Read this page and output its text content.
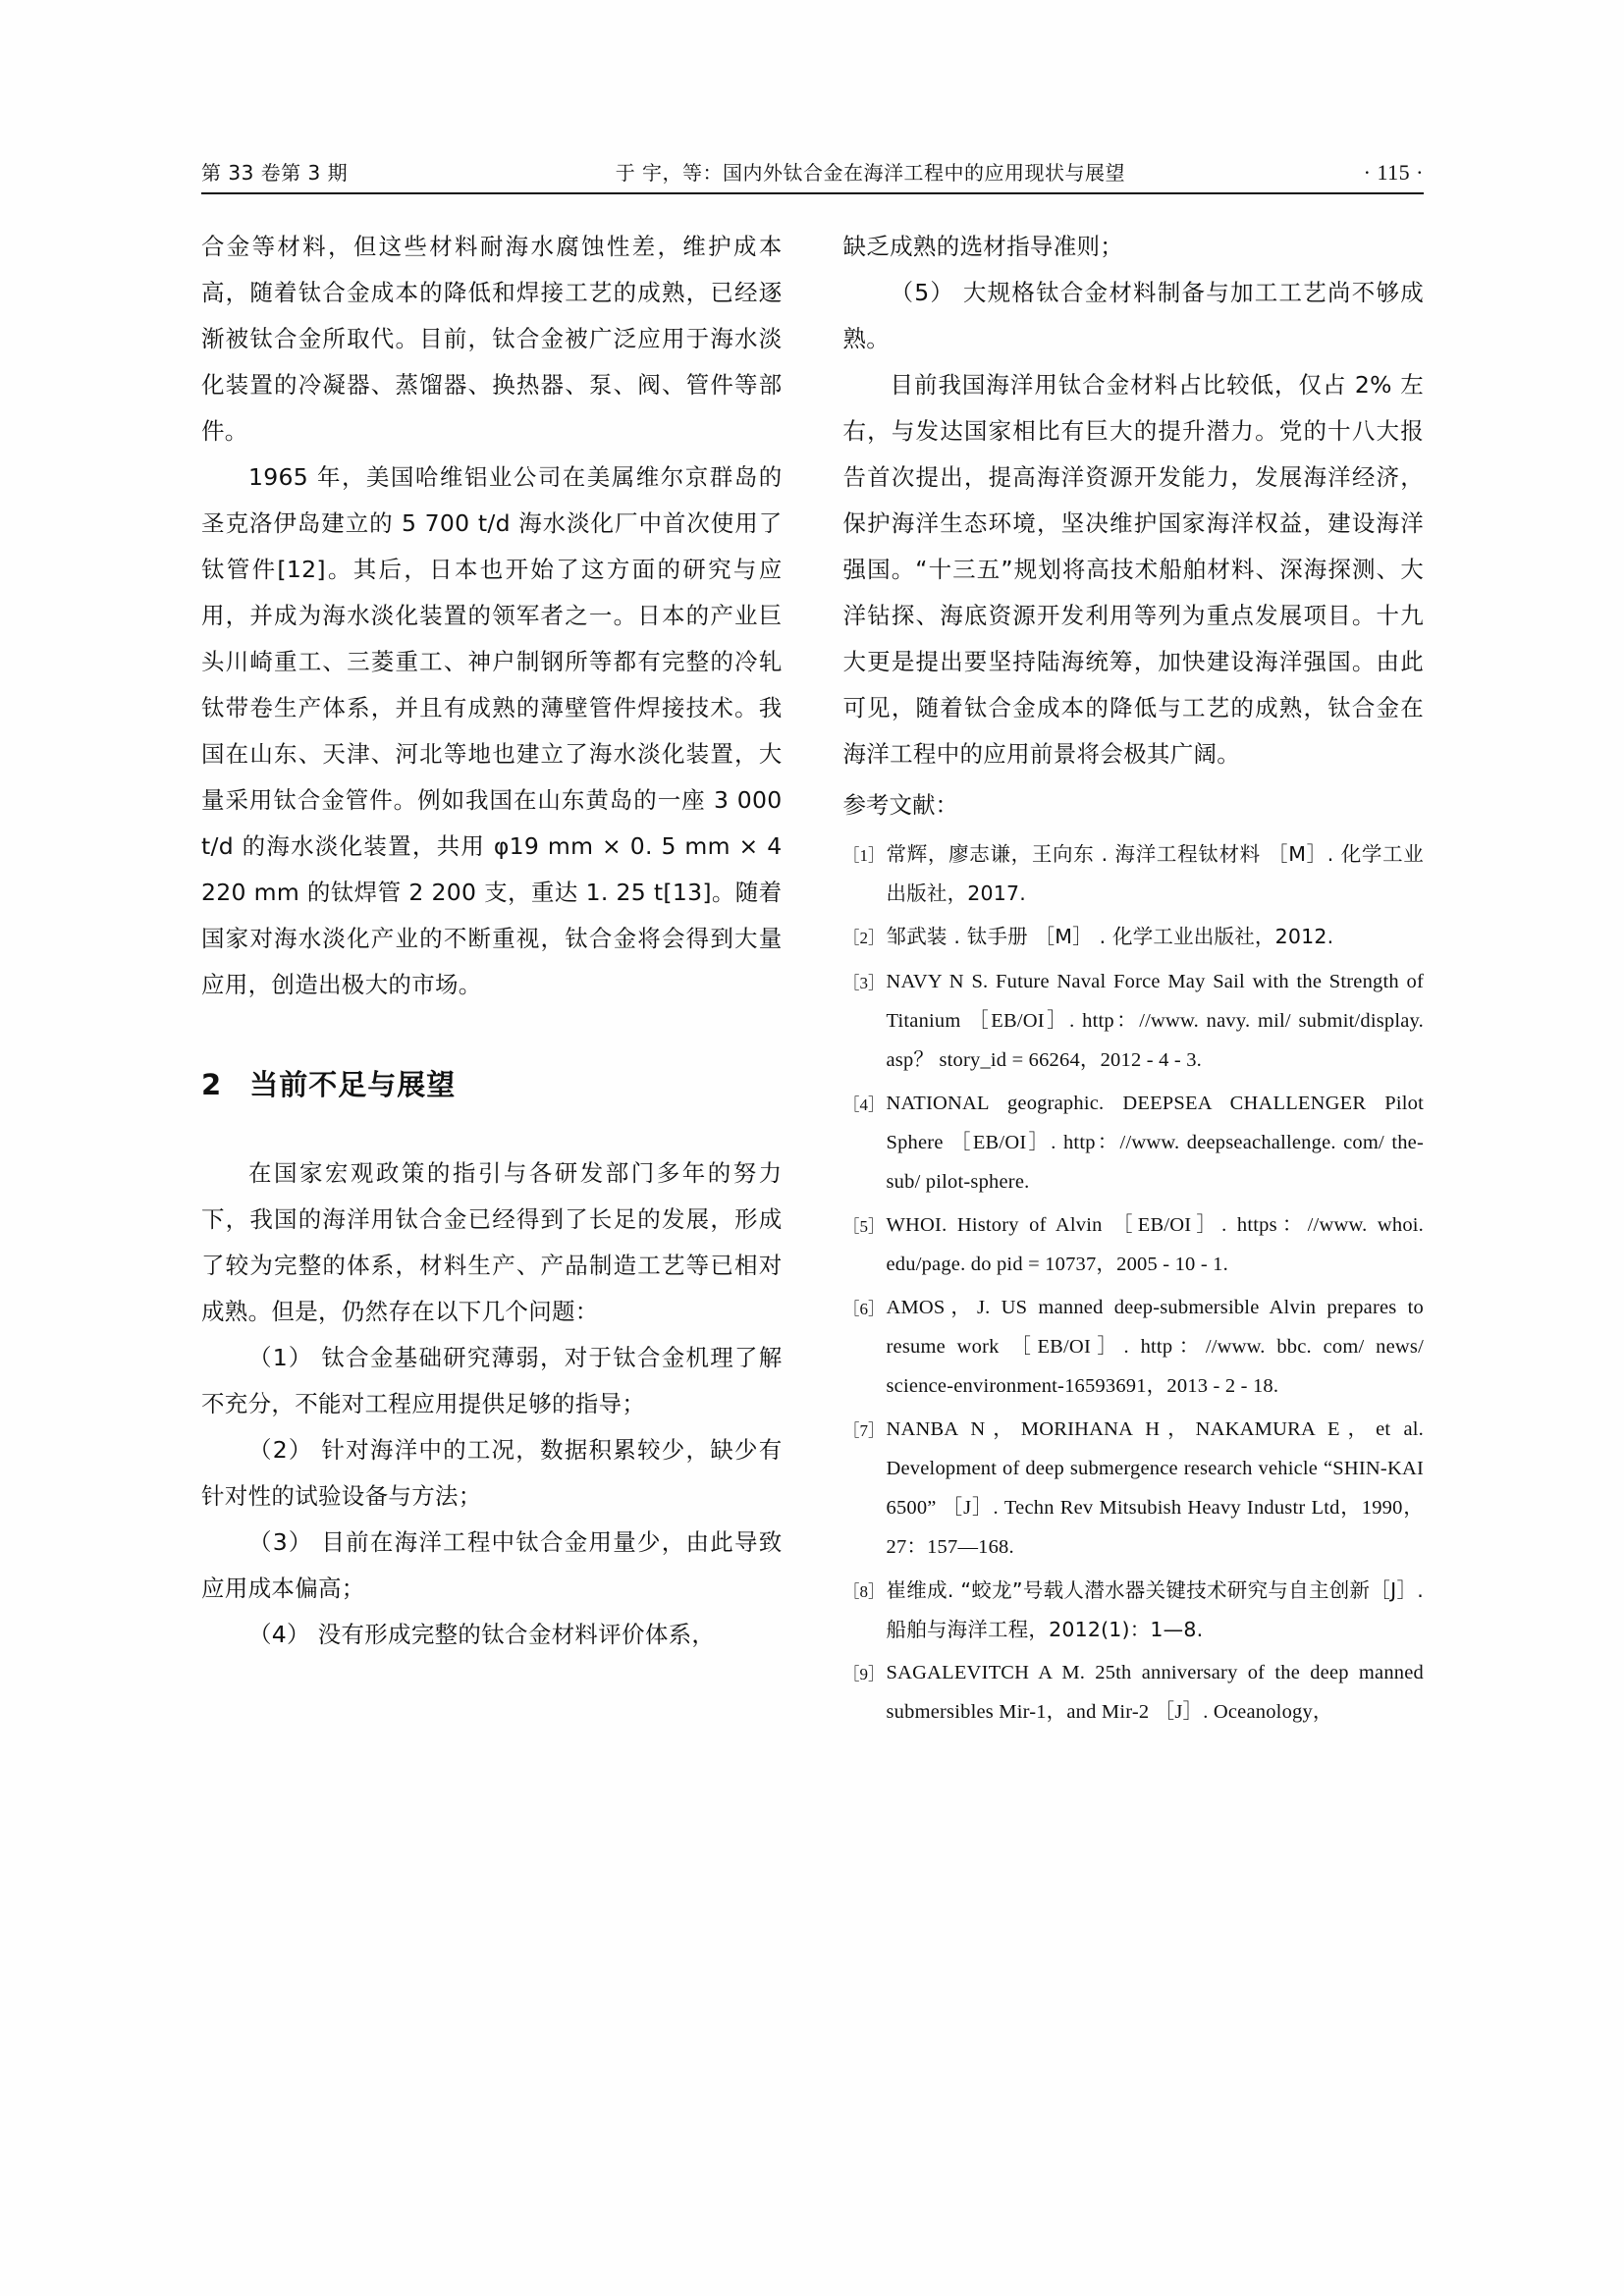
第 33 卷第 3 期	于 宇，等：国内外钛合金在海洋工程中的应用现状与展望	· 115 ·

合金等材料，但这些材料耐海水腐蚀性差，维护成本高，随着钛合金成本的降低和焊接工艺的成熟，已经逐渐被钛合金所取代。目前，钛合金被广泛应用于海水淡化装置的冷凝器、蒸馏器、换热器、泵、阀、管件等部件。

1965 年，美国哈维铝业公司在美属维尔京群岛的圣克洛伊岛建立的 5 700 t/d 海水淡化厂中首次使用了钛管件[12]。其后，日本也开始了这方面的研究与应用，并成为海水淡化装置的领军者之一。日本的产业巨头川崎重工、三菱重工、神户制钢所等都有完整的冷轧钛带卷生产体系，并且有成熟的薄壁管件焊接技术。我国在山东、天津、河北等地也建立了海水淡化装置，大量采用钛合金管件。例如我国在山东黄岛的一座 3 000 t/d 的海水淡化装置，共用 φ19 mm × 0. 5 mm × 4 220 mm 的钛焊管 2 200 支，重达 1. 25 t[13]。随着国家对海水淡化产业的不断重视，钛合金将会得到大量应用，创造出极大的市场。

2 当前不足与展望

在国家宏观政策的指引与各研发部门多年的努力下，我国的海洋用钛合金已经得到了长足的发展，形成了较为完整的体系，材料生产、产品制造工艺等已相对成熟。但是，仍然存在以下几个问题：

（1） 钛合金基础研究薄弱，对于钛合金机理了解不充分，不能对工程应用提供足够的指导；

（2） 针对海洋中的工况，数据积累较少，缺少有针对性的试验设备与方法；

（3） 目前在海洋工程中钛合金用量少，由此导致应用成本偏高；

（4） 没有形成完整的钛合金材料评价体系，

缺乏成熟的选材指导准则；

（5） 大规格钛合金材料制备与加工工艺尚不够成熟。

目前我国海洋用钛合金材料占比较低，仅占 2% 左右，与发达国家相比有巨大的提升潜力。党的十八大报告首次提出，提高海洋资源开发能力，发展海洋经济，保护海洋生态环境，坚决维护国家海洋权益，建设海洋强国。“十三五”规划将高技术船舶材料、深海探测、大洋钻探、海底资源开发利用等列为重点发展项目。十九大更是提出要坚持陆海统筹，加快建设海洋强国。由此可见，随着钛合金成本的降低与工艺的成熟，钛合金在海洋工程中的应用前景将会极其广阔。

参考文献：

［1］ 常辉，廖志谦，王向东 . 海洋工程钛材料 ［M］. 化学工业出版社，2017.
［2］ 邹武装 . 钛手册 ［M］ . 化学工业出版社，2012.
［3］ NAVY N S. Future Naval Force May Sail with the Strength of Titanium ［EB/OI］. http：//www. navy. mil/ submit/display. asp？ story_id = 66264，2012 - 4 - 3.
［4］ NATIONAL geographic. DEEPSEA CHALLENGER Pilot Sphere ［EB/OI］. http：//www. deepseachallenge. com/ the-sub/ pilot-sphere.
［5］ WHOI. History of Alvin ［EB/OI］. https：//www. whoi. edu/page. do pid = 10737，2005 - 10 - 1.
［6］ AMOS，J. US manned deep-submersible Alvin prepares to resume work ［EB/OI］. http：//www. bbc. com/ news/ science-environment-16593691，2013 - 2 - 18.
［7］ NANBA N，MORIHANA H，NAKAMURA E，et al. Development of deep submergence research vehicle “SHIN-KAI 6500” ［J］. Techn Rev Mitsubish Heavy Industr Ltd，1990，27：157—168.
［8］ 崔维成. “蛟龙”号载人潜水器关键技术研究与自主创新［J］. 船舶与海洋工程，2012(1)：1—8.
［9］ SAGALEVITCH A M. 25th anniversary of the deep manned submersibles Mir-1，and Mir-2 ［J］. Oceanology，
